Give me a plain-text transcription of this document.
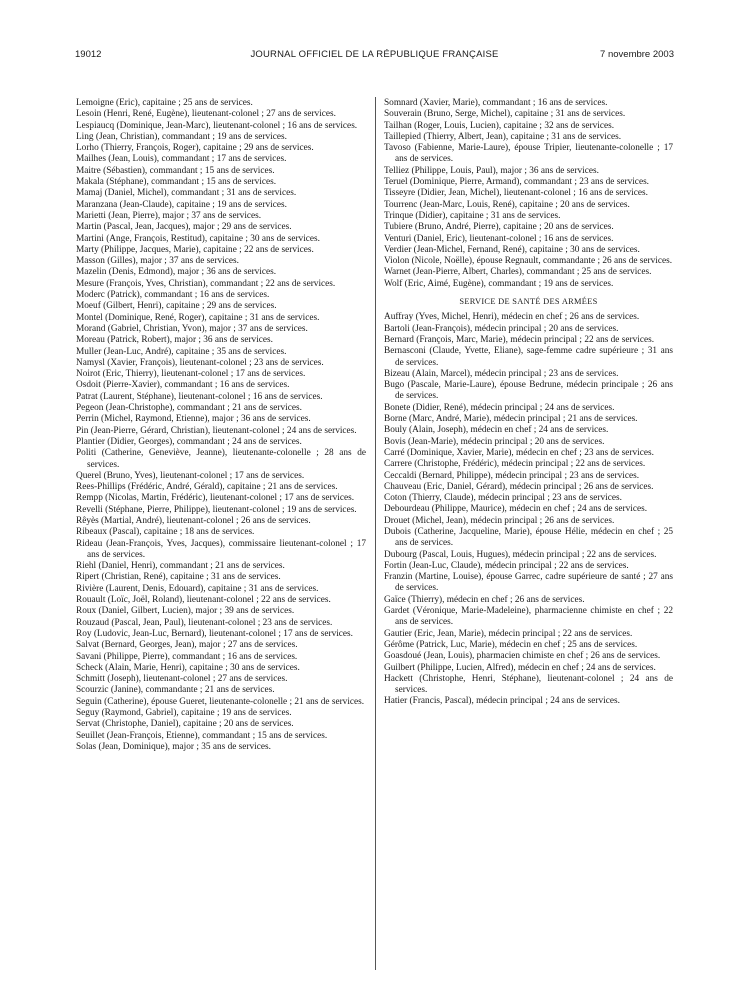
19012	JOURNAL OFFICIEL DE LA RÉPUBLIQUE FRANÇAISE	7 novembre 2003

Lemoigne (Eric), capitaine ; 25 ans de services.

Lesoin (Henri, René, Eugène), lieutenant-colonel ; 27 ans de services.

Lespiaucq (Dominique, Jean-Marc), lieutenant-colonel ; 16 ans de services.

Ling (Jean, Christian), commandant ; 19 ans de services.

Lorho (Thierry, François, Roger), capitaine ; 29 ans de services.

Mailhes (Jean, Louis), commandant ; 17 ans de services.

Maitre (Sébastien), commandant ; 15 ans de services.

Makala (Stéphane), commandant ; 15 ans de services.

Mamaj (Daniel, Michel), commandant ; 31 ans de services.

Maranzana (Jean-Claude), capitaine ; 19 ans de services.

Marietti (Jean, Pierre), major ; 37 ans de services.

Martin (Pascal, Jean, Jacques), major ; 29 ans de services.

Martini (Ange, François, Restitud), capitaine ; 30 ans de services.

Marty (Philippe, Jacques, Marie), capitaine ; 22 ans de services.

Masson (Gilles), major ; 37 ans de services.

Mazelin (Denis, Edmond), major ; 36 ans de services.

Mesure (François, Yves, Christian), commandant ; 22 ans de services.

Moderc (Patrick), commandant ; 16 ans de services.

Moeuf (Gilbert, Henri), capitaine ; 29 ans de services.

Montel (Dominique, René, Roger), capitaine ; 31 ans de services.

Morand (Gabriel, Christian, Yvon), major ; 37 ans de services.

Moreau (Patrick, Robert), major ; 36 ans de services.

Muller (Jean-Luc, André), capitaine ; 35 ans de services.

Namysl (Xavier, François), lieutenant-colonel ; 23 ans de services.

Noirot (Eric, Thierry), lieutenant-colonel ; 17 ans de services.

Osdoit (Pierre-Xavier), commandant ; 16 ans de services.

Patrat (Laurent, Stéphane), lieutenant-colonel ; 16 ans de services.

Pegeon (Jean-Christophe), commandant ; 21 ans de services.

Perrin (Michel, Raymond, Etienne), major ; 36 ans de services.

Pin (Jean-Pierre, Gérard, Christian), lieutenant-colonel ; 24 ans de services.

Plantier (Didier, Georges), commandant ; 24 ans de services.

Politi (Catherine, Geneviève, Jeanne), lieutenante-colonelle ; 28 ans de services.

Querel (Bruno, Yves), lieutenant-colonel ; 17 ans de services.

Rees-Phillips (Frédéric, André, Gérald), capitaine ; 21 ans de services.

Rempp (Nicolas, Martin, Frédéric), lieutenant-colonel ; 17 ans de services.

Revelli (Stéphane, Pierre, Philippe), lieutenant-colonel ; 19 ans de services.

Rêyès (Martial, André), lieutenant-colonel ; 26 ans de services.

Ribeaux (Pascal), capitaine ; 18 ans de services.

Rideau (Jean-François, Yves, Jacques), commissaire lieutenant-colonel ; 17 ans de services.

Riehl (Daniel, Henri), commandant ; 21 ans de services.

Ripert (Christian, René), capitaine ; 31 ans de services.

Rivière (Laurent, Denis, Edouard), capitaine ; 31 ans de services.

Rouault (Loïc, Joël, Roland), lieutenant-colonel ; 22 ans de services.

Roux (Daniel, Gilbert, Lucien), major ; 39 ans de services.

Rouzaud (Pascal, Jean, Paul), lieutenant-colonel ; 23 ans de services.

Roy (Ludovic, Jean-Luc, Bernard), lieutenant-colonel ; 17 ans de services.

Salvat (Bernard, Georges, Jean), major ; 27 ans de services.

Savani (Philippe, Pierre), commandant ; 16 ans de services.

Scheck (Alain, Marie, Henri), capitaine ; 30 ans de services.

Schmitt (Joseph), lieutenant-colonel ; 27 ans de services.

Scourzic (Janine), commandante ; 21 ans de services.

Seguin (Catherine), épouse Gueret, lieutenante-colonelle ; 21 ans de services.

Seguy (Raymond, Gabriel), capitaine ; 19 ans de services.

Servat (Christophe, Daniel), capitaine ; 20 ans de services.

Seuillet (Jean-François, Etienne), commandant ; 15 ans de services.

Solas (Jean, Dominique), major ; 35 ans de services.

Somnard (Xavier, Marie), commandant ; 16 ans de services.

Souverain (Bruno, Serge, Michel), capitaine ; 31 ans de services.

Tailhan (Roger, Louis, Lucien), capitaine ; 32 ans de services.

Taillepied (Thierry, Albert, Jean), capitaine ; 31 ans de services.

Tavoso (Fabienne, Marie-Laure), épouse Tripier, lieutenante-colonelle ; 17 ans de services.

Telliez (Philippe, Louis, Paul), major ; 36 ans de services.

Teruel (Dominique, Pierre, Armand), commandant ; 23 ans de services.

Tisseyre (Didier, Jean, Michel), lieutenant-colonel ; 16 ans de services.

Tourrenc (Jean-Marc, Louis, René), capitaine ; 20 ans de services.

Trinque (Didier), capitaine ; 31 ans de services.

Tubiere (Bruno, André, Pierre), capitaine ; 20 ans de services.

Venturi (Daniel, Eric), lieutenant-colonel ; 16 ans de services.

Verdier (Jean-Michel, Fernand, René), capitaine ; 30 ans de services.

Violon (Nicole, Noëlle), épouse Regnault, commandante ; 26 ans de services.

Warnet (Jean-Pierre, Albert, Charles), commandant ; 25 ans de services.

Wolf (Eric, Aimé, Eugène), commandant ; 19 ans de services.

SERVICE DE SANTÉ DES ARMÉES

Auffray (Yves, Michel, Henri), médecin en chef ; 26 ans de services.

Bartoli (Jean-François), médecin principal ; 20 ans de services.

Bernard (François, Marc, Marie), médecin principal ; 22 ans de services.

Bernasconi (Claude, Yvette, Eliane), sage-femme cadre supérieure ; 31 ans de services.

Bizeau (Alain, Marcel), médecin principal ; 23 ans de services.

Bugo (Pascale, Marie-Laure), épouse Bedrune, médecin principale ; 26 ans de services.

Bonete (Didier, René), médecin principal ; 24 ans de services.

Borne (Marc, André, Marie), médecin principal ; 21 ans de services.

Bouly (Alain, Joseph), médecin en chef ; 24 ans de services.

Bovis (Jean-Marie), médecin principal ; 20 ans de services.

Carré (Dominique, Xavier, Marie), médecin en chef ; 23 ans de services.

Carrere (Christophe, Frédéric), médecin principal ; 22 ans de services.

Ceccaldi (Bernard, Philippe), médecin principal ; 23 ans de services.

Chauveau (Eric, Daniel, Gérard), médecin principal ; 26 ans de services.

Coton (Thierry, Claude), médecin principal ; 23 ans de services.

Debourdeau (Philippe, Maurice), médecin en chef ; 24 ans de services.

Drouet (Michel, Jean), médecin principal ; 26 ans de services.

Dubois (Catherine, Jacqueline, Marie), épouse Hélie, médecin en chef ; 25 ans de services.

Dubourg (Pascal, Louis, Hugues), médecin principal ; 22 ans de services.

Fortin (Jean-Luc, Claude), médecin principal ; 22 ans de services.

Franzin (Martine, Louise), épouse Garrec, cadre supérieure de santé ; 27 ans de services.

Gaïce (Thierry), médecin en chef ; 26 ans de services.

Gardet (Véronique, Marie-Madeleine), pharmacienne chimiste en chef ; 22 ans de services.

Gautier (Eric, Jean, Marie), médecin principal ; 22 ans de services.

Gérôme (Patrick, Luc, Marie), médecin en chef ; 25 ans de services.

Goasdoué (Jean, Louis), pharmacien chimiste en chef ; 26 ans de services.

Guilbert (Philippe, Lucien, Alfred), médecin en chef ; 24 ans de services.

Hackett (Christophe, Henri, Stéphane), lieutenant-colonel ; 24 ans de services.

Hatier (Francis, Pascal), médecin principal ; 24 ans de services.
